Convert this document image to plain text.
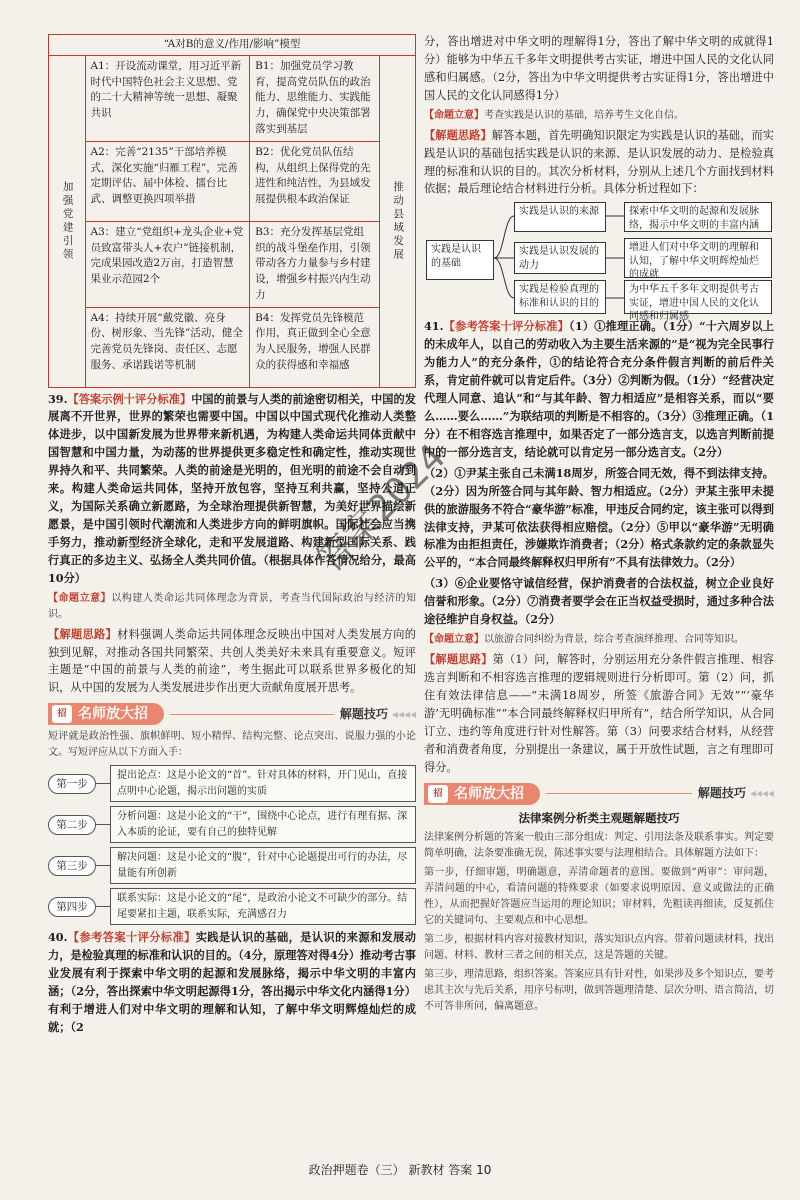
“A对B的意义/作用/影响”模型			
加强党建引领	A1：开设流动课堂，用习近平新时代中国特色社会主义思想、党的二十大精神等统一思想、凝聚共识	B1：加强党员学习教育，提高党员队伍的政治能力、思维能力、实践能力，确保党中央决策部署落实到基层	推动县域发展
	A2：完善“2135”干部培养模式，深化实施“归雁工程”，完善定期评估、届中体检、擂台比武、调整更换四项举措	B2：优化党员队伍结构，从组织上保得党的先进性和纯洁性，为县域发展提供根本政治保证	
	A3：建立“党组织+龙头企业+党员致富带头人+农户”链接机制，完成果园改造2万亩，打造智慧果业示范园2个	B3：充分发挥基层党组织的战斗堡垒作用，引领带动各方力量参与乡村建设，增强乡村振兴内生动力	
	A4：持续开展“戴党徽、亮身份、树形象、当先锋”活动，健全完善党员先锋岗、责任区、志愿服务、承诺践诺等机制	B4：发挥党员先锋模范作用，真正做到全心全意为人民服务，增强人民群众的获得感和幸福感	

39.【答案示例十评分标准】中国的前景与人类的前途密切相关，中国的发展离不开世界，世界的繁荣也需要中国。中国以中国式现代化推动人类整体进步，以中国新发展为世界带来新机遇，为构建人类命运共同体贡献中国智慧和中国力量，为动荡的世界提供更多稳定性和确定性，推动实现世界持久和平、共同繁荣。人类的前途是光明的，但光明的前途不会自动到来。构建人类命运共同体，坚持开放包容，坚持互利共赢，坚持公道正义，为国际关系确立新愿路，为全球治理提供新智慧，为美好世界描绘新愿景，是中国引领时代潮流和人类进步方向的鲜明旗帜。国际社会应当携手努力，推动新型经济全球化，走和平发展道路、构建新型国际关系、践行真正的多边主义、弘扬全人类共同价值。（根据具体作答情况给分，最高10分）

【命题立意】以构建人类命运共同体理念为背景，考查当代国际政治与经济的知识。

【解题思路】材料强调人类命运共同体理念反映出中国对人类发展方向的独到见解，对推动各国共同繁荣、共创人类美好未来具有重要意义。短评主题是“中国的前景与人类的前途”，考生据此可以联系世界多极化的知识，从中国的发展为人类发展进步作出更大贡献角度展开思考。

招 名师放大招	解题技巧 ◂◂◂◂

短评就是政治性强、旗帜鲜明、短小精悍、结构完整、论点突出、说服力强的小论文。写短评应从以下方面入手：

第一步
提出论点：这是小论文的“首”。针对具体的材料，开门见山，直接点明中心论题，揭示出问题的实质
第二步
分析问题：这是小论文的“干”，围绕中心论点，进行有理有据、深入本质的论证，要有自己的独特见解
第三步
解决问题：这是小论文的“腹”，针对中心论题提出可行的办法，尽量能有所创新
第四步
联系实际：这是小论文的“尾”，是政治小论文不可缺少的部分。结尾要紧扣主题，联系实际，充满感召力

40.【参考答案十评分标准】实践是认识的基础，是认识的来源和发展动力，是检验真理的标准和认识的目的。（4分，原理答对得4分）推动考古事业发展有利于探索中华文明的起源和发展脉络，揭示中华文明的丰富内涵；（2分，答出探索中华文明起源得1分，答出揭示中华文化内涵得1分）有利于增进人们对中华文明的理解和认知，了解中华文明辉煌灿烂的成就；（2

分，答出增进对中华文明的理解得1分，答出了解中华文明的成就得1分）能够为中华五千多年文明提供考古实证，增进中国人民的文化认同感和归属感。（2分，答出为中华文明提供考古实证得1分，答出增进中国人民的文化认同感得1分）

【命题立意】考查实践是认识的基础，培养考生文化自信。

【解题思路】解答本题，首先明确知识限定为实践是认识的基础，而实践是认识的基础包括实践是认识的来源、是认识发展的动力、是检验真理的标准和认识的目的。其次分析材料，分别从上述几个方面找到材料依据；最后理论结合材料进行分析。具体分析过程如下：

实践是认识的基础
实践是认识的来源
实践是认识发展的动力
实践是检验真理的标准和认识的目的
探索中华文明的起源和发展脉络，揭示中华文明的丰富内涵
增进人们对中华文明的理解和认知，了解中华文明辉煌灿烂的成就
为中华五千多年文明提供考古实证，增进中国人民的文化认同感和归属感

41.【参考答案十评分标准】（1）①推理正确。（1分）“十六周岁以上的未成年人，以自己的劳动收入为主要生活来源的”是“视为完全民事行为能力人”的充分条件，①的结论符合充分条件假言判断的前后件关系，肯定前件就可以肯定后件。（3分）②判断为假。（1分）“经营决定代理人同意、追认”和“与其年龄、智力相适应”是相容关系，而以“要么……要么……”为联结项的判断是不相容的。（3分）③推理正确。（1分）在不相容选言推理中，如果否定了一部分选言支，以选言判断前提中的一部分选言支，结论就可以肯定另一部分选言支。（2分）

（2）①尹某主张自己未满18周岁，所签合同无效，得不到法律支持。（2分）因为所签合同与其年龄、智力相适应。（2分）尹某主张甲未提供的旅游服务不符合“豪华游”标准，甲违反合同约定，该主张可以得到法律支持，尹某可依法获得相应赔偿。（2分）⑤甲以“豪华游”无明确标准为由拒担责任，涉嫌欺诈消费者；（2分）格式条款约定的条款显失公平的，“本合同最终解释权归甲所有”不具有法律效力。（2分）

（3）⑥企业要恪守诚信经营，保护消费者的合法权益，树立企业良好信誉和形象。（2分）⑦消费者要学会在正当权益受损时，通过多种合法途径维护自身权益。（2分）

【命题立意】以旅游合同纠纷为背景，综合考查演绎推理、合同等知识。

【解题思路】第（1）问，解答时，分别运用充分条件假言推理、相容选言判断和不相容选言推理的逻辑规则进行分析即可。第（2）问，抓住有效法律信息——“未满18周岁，所签《旅游合同》无效”“‘豪华游’无明确标准”“本合同最终解释权归甲所有”，结合所学知识，从合同订立、违约等角度进行针对性解答。第（3）问要求结合材料，从经营者和消费者角度，分别提出一条建议，属于开放性试题，言之有理即可得分。

招 名师放大招	解题技巧 ◂◂◂◂
法律案例分析类主观题解题技巧

法律案例分析题的答案一般由三部分组成：判定、引用法条及联系事实。判定要简单明确，法条要准确无误，陈述事实要与法理相结合。具体解题方法如下：

第一步，仔细审题，明确题意，弄清命题者的意图。要做到“两审”：审问题，弄清问题的中心，看清问题的特殊要求（如要求说明原因、意义或做法的正确性），从而把握好答题应当运用的理论知识；审材料，先粗读再细读，反复抓住它的关键词句、主要观点和中心思想。

第二步，根据材料内容对接教材知识，落实知识点内容。带着问题读材料，找出问题、材料、教材三者之间的相关点，这是答题的关键。

第三步，理清思路，组织答案。答案应具有针对性，如果涉及多个知识点，要考虑其主次与先后关系，用序号标明，做到答题理清楚、层次分明、语言简洁，切不可答非所问，偏离题意。

答案2024
政治押题卷（三） 新教材 答案 10
